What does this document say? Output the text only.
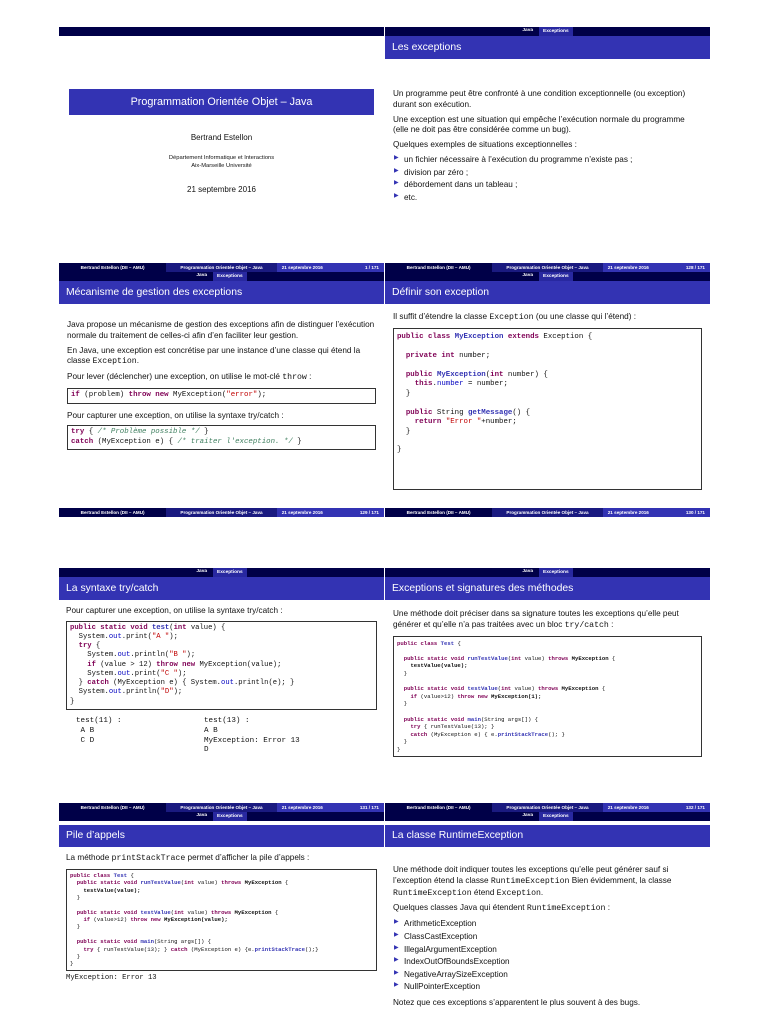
Programmation Orientée Objet – Java
Bertrand Estellon
Département Informatique et Interactions
Aix-Marseille Université
21 septembre 2016
Bertrand Estellon (DII – AMU)	Programmation Orientée Objet – Java	21 septembre 2016	1 / 171
Java	Exceptions
Les exceptions

Un programme peut être confronté à une condition exceptionnelle (ou exception) durant son exécution.

Une exception est une situation qui empêche l’exécution normale du programme (elle ne doit pas être considérée comme un bug).

Quelques exemples de situations exceptionnelles :

▶ un fichier nécessaire à l’exécution du programme n’existe pas ;
▶ division par zéro ;
▶ débordement dans un tableau ;
▶ etc.
Bertrand Estellon (DII – AMU)	Programmation Orientée Objet – Java	21 septembre 2016	128 / 171
Java	Exceptions
Mécanisme de gestion des exceptions

Java propose un mécanisme de gestion des exceptions afin de distinguer l’exécution normale du traitement de celles-ci afin d’en faciliter leur gestion.

En Java, une exception est concrétise par une instance d’une classe qui étend la classe Exception.

Pour lever (déclencher) une exception, on utilise le mot-clé throw :

if (problem) throw new MyException("error");

Pour capturer une exception, on utilise la syntaxe try/catch :

try { /* Problème possible */ }
catch (MyException e) { /* traiter l'exception. */ }
Bertrand Estellon (DII – AMU)	Programmation Orientée Objet – Java	21 septembre 2016	129 / 171
Java	Exceptions
Définir son exception

Il suffit d’étendre la classe Exception (ou une classe qui l’étend) :

public class MyException extends Exception {

private int number;

public MyException(int number) {
this.number = number;
}

public String getMessage() {
return "Error "+number;
}

}
Bertrand Estellon (DII – AMU)	Programmation Orientée Objet – Java	21 septembre 2016	130 / 171
Java	Exceptions
La syntaxe try/catch

Pour capturer une exception, on utilise la syntaxe try/catch :

public static void test(int value) {
System.out.print("A ");
try {
System.out.println("B ");
if (value > 12) throw new MyException(value);
System.out.print("C ");
} catch (MyException e) { System.out.println(e); }
System.out.println("D");
}
test(11) :
A B
C D
test(13) :
A B
MyException: Error 13
D
Bertrand Estellon (DII – AMU)	Programmation Orientée Objet – Java	21 septembre 2016	131 / 171
Java	Exceptions
Exceptions et signatures des méthodes

Une méthode doit préciser dans sa signature toutes les exceptions qu’elle peut générer et qu’elle n’a pas traitées avec un bloc try/catch :

public class Test {

public static void runTestValue(int value) throws MyException {
testValue(value);
}

public static void testValue(int value) throws MyException {
if (value>12) throw new MyException(1);
}

public static void main(String args[]) {
try { runTestValue(13); }
catch (MyException e) { e.printStackTrace(); }
}
}
Bertrand Estellon (DII – AMU)	Programmation Orientée Objet – Java	21 septembre 2016	132 / 171
Java	Exceptions
Pile d’appels

La méthode printStackTrace permet d’afficher la pile d’appels :

public class Test {
public static void runTestValue(int value) throws MyException {
testValue(value);
}

public static void testValue(int value) throws MyException {
if (value>12) throw new MyException(value);
}

public static void main(String args[]) {
try { runTestValue(13); } catch (MyException e) {e.printStackTrace();}
}
}
MyException: Error 13
Java	Exceptions
La classe RuntimeException

Une méthode doit indiquer toutes les exceptions qu’elle peut générer sauf si l’exception étend la classe RuntimeException Bien évidemment, la classe RuntimeException étend Exception.

Quelques classes Java qui étendent RuntimeException :

▶ ArithmeticException
▶ ClassCastException
▶ IllegalArgumentException
▶ IndexOutOfBoundsException
▶ NegativeArraySizeException
▶ NullPointerException

Notez que ces exceptions s’apparentent le plus souvent à des bugs.
